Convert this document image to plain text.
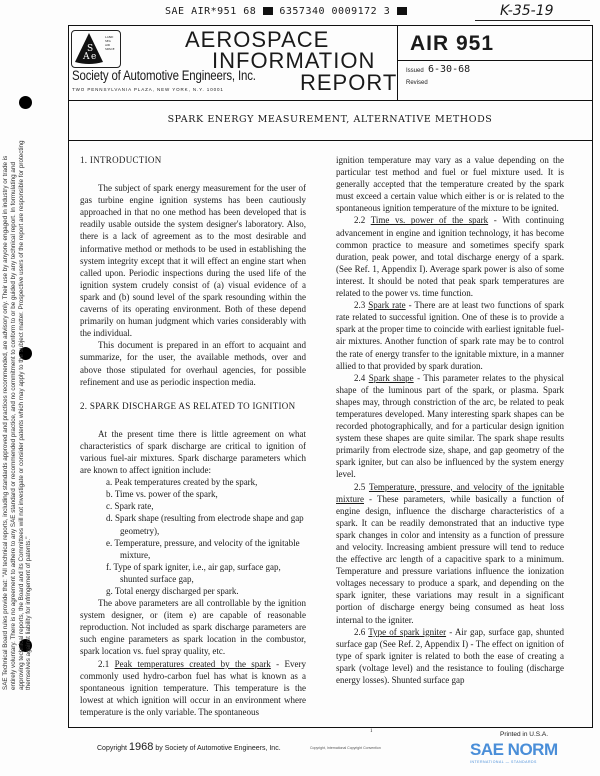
SAE AIR*951 68 6357340 0009172 3	K-35-19
A
S
e
LAND
SEA
AIR
SPACE
Society of Automotive Engineers, Inc.
TWO PENNSYLVANIA PLAZA, NEW YORK, N.Y. 10001
AEROSPACE
INFORMATION
REPORT
AIR 951
Issued 6-30-68
Revised
SPARK ENERGY MEASUREMENT, ALTERNATIVE METHODS

1. INTRODUCTION

The subject of spark energy measurement for the user of gas turbine engine ignition systems has been cautiously approached in that no one method has been developed that is readily usable outside the system designer's laboratory. Also, there is a lack of agreement as to the most desirable and informative method or methods to be used in establishing the system integrity except that it will effect an engine start when called upon. Periodic inspections during the used life of the ignition system crudely consist of (a) visual evidence of a spark and (b) sound level of the spark resounding within the caverns of its operating environment. Both of these depend primarily on human judgment which varies considerably with the individual.

This document is prepared in an effort to acquaint and summarize, for the user, the available methods, over and above those stipulated for overhaul agencies, for possible refinement and use as periodic inspection media.

2. SPARK DISCHARGE AS RELATED TO IGNITION

At the present time there is little agreement on what characteristics of spark discharge are critical to ignition of various fuel-air mixtures. Spark discharge parameters which are known to affect ignition include:

a. Peak temperatures created by the spark,

b. Time vs. power of the spark,

c. Spark rate,

d. Spark shape (resulting from electrode shape and gap geometry),

e. Temperature, pressure, and velocity of the ignitable mixture,

f. Type of spark igniter, i.e., air gap, surface gap, shunted surface gap,

g. Total energy discharged per spark.

The above parameters are all controllable by the ignition system designer, or (item e) are capable of reasonable reproduction. Not included as spark discharge parameters are such engine parameters as spark location in the combustor, spark location vs. fuel spray quality, etc.

2.1 Peak temperatures created by the spark - Every commonly used hydro-carbon fuel has what is known as a spontaneous ignition temperature. This temperature is the lowest at which ignition will occur in an environment where temperature is the only variable. The spontaneous

ignition temperature may vary as a value depending on the particular test method and fuel or fuel mixture used. It is generally accepted that the temperature created by the spark must exceed a certain value which either is or is related to the spontaneous ignition temperature of the mixture to be ignited.

2.2 Time vs. power of the spark - With continuing advancement in engine and ignition technology, it has become common practice to measure and sometimes specify spark duration, peak power, and total discharge energy of a spark. (See Ref. 1, Appendix I). Average spark power is also of some interest. It should be noted that peak spark temperatures are related to the power vs. time function.

2.3 Spark rate - There are at least two functions of spark rate related to successful ignition. One of these is to provide a spark at the proper time to coincide with earliest ignitable fuel-air mixtures. Another function of spark rate may be to control the rate of energy transfer to the ignitable mixture, in a manner allied to that provided by spark duration.

2.4 Spark shape - This parameter relates to the physical shape of the luminous part of the spark, or plasma. Spark shapes may, through constriction of the arc, be related to peak temperatures developed. Many interesting spark shapes can be recorded photographically, and for a particular design ignition system these shapes are quite similar. The spark shape results primarily from electrode size, shape, and gap geometry of the spark igniter, but can also be influenced by the system energy level.

2.5 Temperature, pressure, and velocity of the ignitable mixture - These parameters, while basically a function of engine design, influence the discharge characteristics of a spark. It can be readily demonstrated that an inductive type spark changes in color and intensity as a function of pressure and velocity. Increasing ambient pressure will tend to reduce the effective arc length of a capacitive spark to a minimum. Temperature and pressure variations influence the ionization voltages necessary to produce a spark, and depending on the spark igniter, these variations may result in a significant portion of discharge energy being consumed as heat loss internal to the igniter.

2.6 Type of spark igniter - Air gap, surface gap, shunted surface gap (See Ref. 2, Appendix I) - The effect on ignition of type of spark igniter is related to both the ease of creating a spark (voltage level) and the resistance to fouling (discharge energy losses). Shunted surface gap

SAE Technical Board rules provide that: "All technical reports, including standards approved and practices recommended, are advisory only. Their use by anyone engaged in industry or trade is entirely voluntary. There is no agreement to adhere to any SAE standard or recommended practice, and no commitment to conform to or be guided by any technical report. In formulating and approving technical reports, the Board and its Committees will not investigate or consider patents which may apply to the subject matter. Prospective users of the report are responsible for protecting themselves against liability for infringement of patents."
1
Copyright 1968 by Society of Automotive Engineers, Inc.	Copyright, International Copyright Convention
Printed in U.S.A.
SAE NORM
INTERNATIONAL — STANDARDS
